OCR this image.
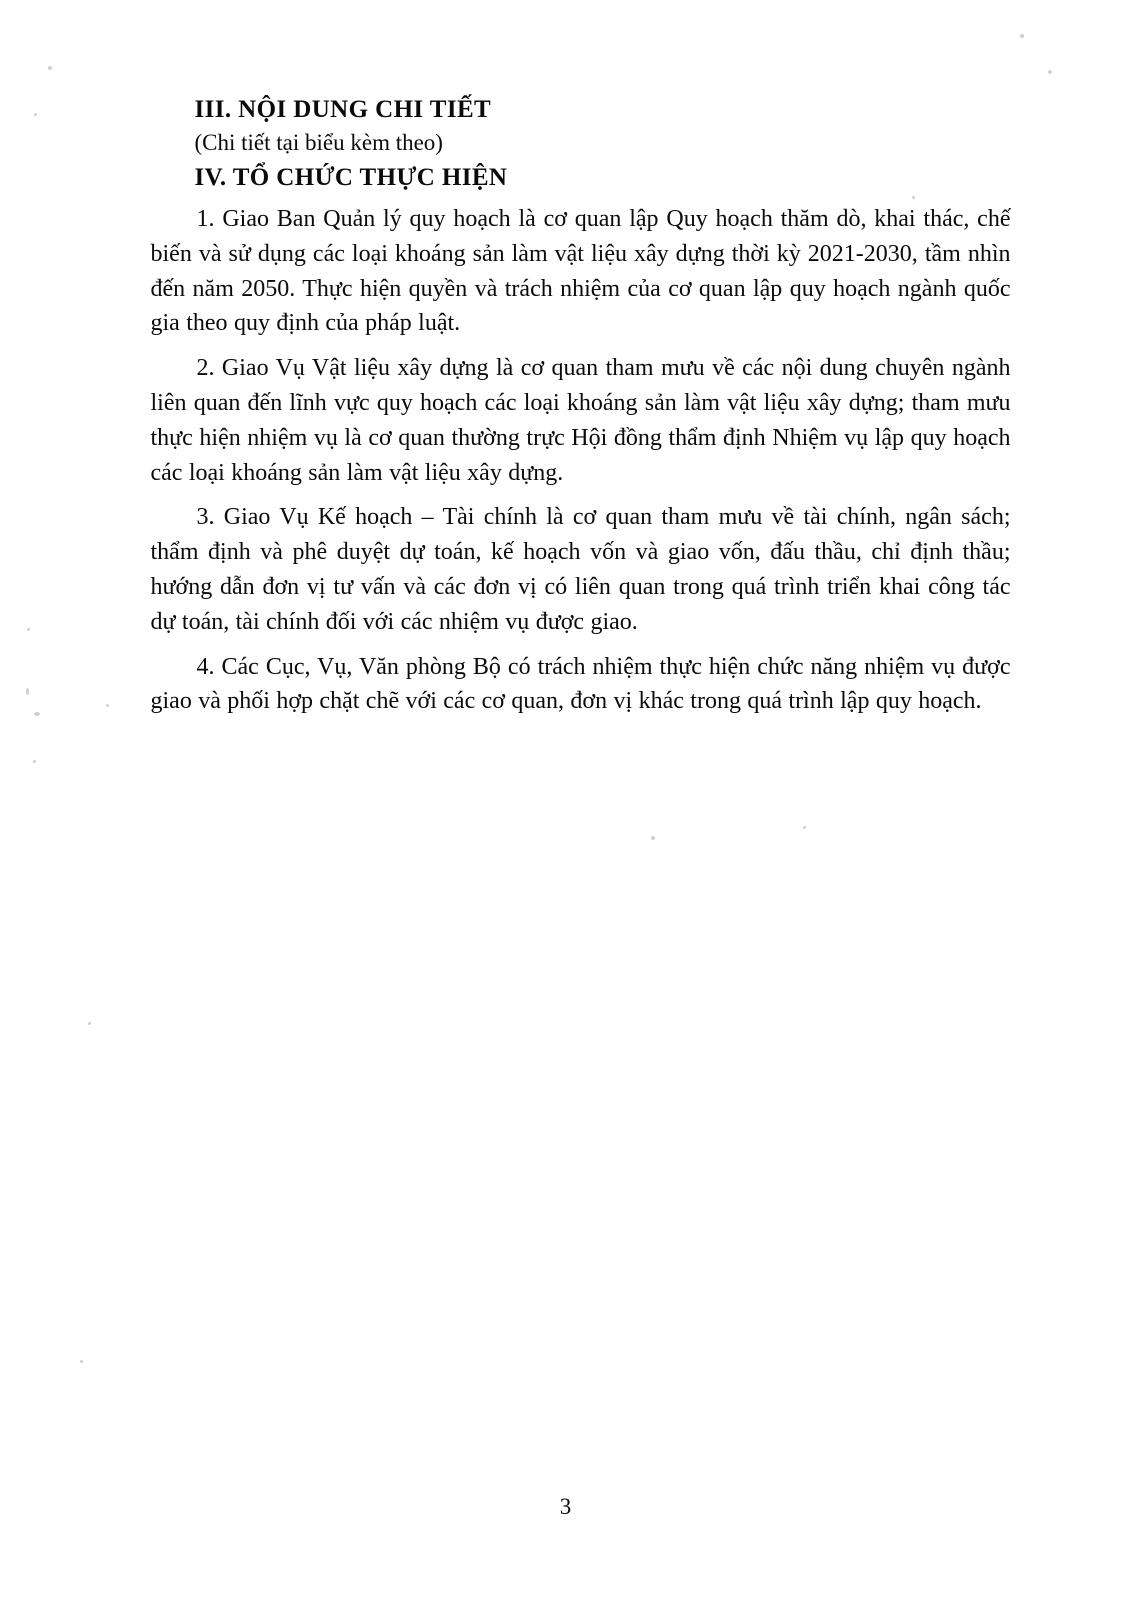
III. NỘI DUNG CHI TIẾT
(Chi tiết tại biểu kèm theo)
IV. TỔ CHỨC THỰC HIỆN

1. Giao Ban Quản lý quy hoạch là cơ quan lập Quy hoạch thăm dò, khai thác, chế biến và sử dụng các loại khoáng sản làm vật liệu xây dựng thời kỳ 2021-2030, tầm nhìn đến năm 2050. Thực hiện quyền và trách nhiệm của cơ quan lập quy hoạch ngành quốc gia theo quy định của pháp luật.

2. Giao Vụ Vật liệu xây dựng là cơ quan tham mưu về các nội dung chuyên ngành liên quan đến lĩnh vực quy hoạch các loại khoáng sản làm vật liệu xây dựng; tham mưu thực hiện nhiệm vụ là cơ quan thường trực Hội đồng thẩm định Nhiệm vụ lập quy hoạch các loại khoáng sản làm vật liệu xây dựng.

3. Giao Vụ Kế hoạch – Tài chính là cơ quan tham mưu về tài chính, ngân sách; thẩm định và phê duyệt dự toán, kế hoạch vốn và giao vốn, đấu thầu, chỉ định thầu; hướng dẫn đơn vị tư vấn và các đơn vị có liên quan trong quá trình triển khai công tác dự toán, tài chính đối với các nhiệm vụ được giao.

4. Các Cục, Vụ, Văn phòng Bộ có trách nhiệm thực hiện chức năng nhiệm vụ được giao và phối hợp chặt chẽ với các cơ quan, đơn vị khác trong quá trình lập quy hoạch.

3
